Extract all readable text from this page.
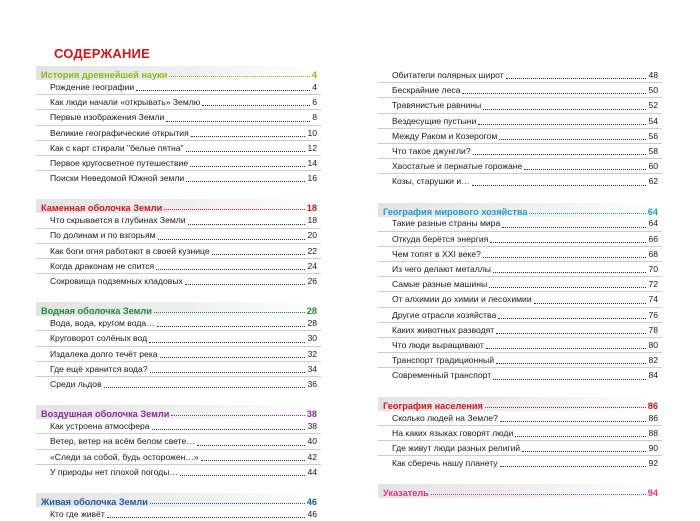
СОДЕРЖАНИЕ
История древнейшей науки	4
Рождение географии	4
Как люди начали «открывать» Землю	6
Первые изображения Земли	8
Великие географические открытия	10
Как с карт стирали "белые пятна"	12
Первое кругосветное путешествие	14
Поиски Неведомой Южной земли	16
Каменная оболочка Земли	18
Что скрывается в глубинах Земли	18
По долинам и по взгорьям	20
Как боги огня работают в своей кузнице	22
Когда драконам не спится	24
Сокровища подземных кладовых	26
Водная оболочка Земли	28
Вода, вода, кругом вода…	28
Круговорот солёных вод	30
Издалека долго течёт река	32
Где ещё хранится вода?	34
Среди льдов	36
Воздушная оболочка Земли	38
Как устроена атмосфера	38
Ветер, ветер на всём белом свете…	40
«Следи за собой, будь осторожен…»	42
У природы нет плохой погоды…	44
Живая оболочка Земли	46
Кто где живёт	46
Обитатели полярных широт	48
Бескрайние леса	50
Травянистые равнины	52
Вездесущие пустыни	54
Между Раком и Козерогом	56
Что такое джунгли?	58
Хвостатые и пернатые горожане	60
Козы, старушки и…	62
География мирового хозяйства	64
Такие разные страны мира	64
Откуда берётся энергия	66
Чем топят в XXI веке?	68
Из чего делают металлы	70
Самые разные машины	72
От алхимии до химии и лесохимии	74
Другие отрасли хозяйства	76
Каких животных разводят	78
Что люди выращивают	80
Транспорт традиционный	82
Современный транспорт	84
География населения	86
Сколько людей на Земле?	86
На каких языках говорят люди	88
Где живут люди разных религий	90
Как сберечь нашу планету	92
Указатель	94
